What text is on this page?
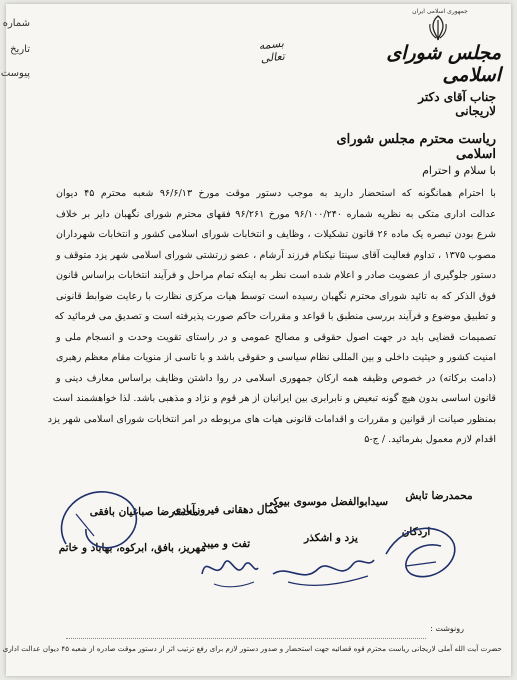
شماره
تاریخ
پیوست
جمهوری اسلامی ایران
مجلس شورای اسلامی
بسمه تعالی
جناب آقای دکتر لاریجانی
ریاست محترم مجلس شورای اسلامی
با سلام و احترام
با احترام همانگونه که استحضار دارید به موجب دستور موقت مورخ ۹۶/۶/۱۳ شعبه محترم ۴۵ دیوان
عدالت اداری متکی به نظریه شماره ۹۶/۱۰۰/۲۴۰ مورخ ۹۶/۲۶۱ فقهای محترم شورای نگهبان دایر بر خلاف
شرع بودن تبصره یک ماده ۲۶ قانون تشکیلات ، وظایف و انتخابات شورای اسلامی کشور و انتخابات شهرداران
مصوب ۱۳۷۵ ، تداوم فعالیت آقای سپنتا نیکنام فرزند آرشام ، عضو زرتشتی شورای اسلامی شهر یزد متوقف و
دستور جلوگیری از عضویت صادر و اعلام شده است نظر به اینکه تمام مراحل و فرآیند انتخابات براساس قانون
فوق الذکر که به تائید شورای محترم نگهبان رسیده است توسط هیات مرکزی نظارت با رعایت ضوابط قانونی
و تطبیق موضوع و فرآیند بررسی منطبق با قواعد و مقررات حاکم صورت پذیرفته است و تصدیق می فرمائید که
تصمیمات قضایی باید در جهت اصول حقوقی و مصالح عمومی و در راستای تقویت وحدت و انسجام ملی و
امنیت کشور و حیثیت داخلی و بین المللی نظام سیاسی و حقوقی باشد و با تاسی از منویات مقام معظم رهبری
(دامت برکاته) در خصوص وظیفه همه ارکان جمهوری اسلامی در روا داشتن وظایف براساس معارف دینی و
قانون اساسی بدون هیچ گونه تبعیض و نابرابری بین ایرانیان از هر قوم و نژاد و مذهبی باشد. لذا خواهشمند است
بمنظور صیانت از قوانین و مقررات و اقدامات قانونی هیات های مربوطه در امر انتخابات شورای اسلامی شهر یزد
اقدام لازم معمول بفرمائید. / ج-۵
محمدرضا تابش
اردکان
سیدابوالفضل موسوی بیوکی
یزد و اشکذر
کمال دهقانی فیروزآبادی
تفت و میبد
محمدرضا صباغیان بافقی
مهریز، بافق، ابرکوه، بهاباد و خاتم
رونوشت :
حضرت آیت الله آملی لاریجانی ریاست محترم قوه قضائیه جهت استحضار و صدور دستور لازم برای رفع ترتیب اثر از دستور موقت صادره از شعبه ۴۵ دیوان عدالت اداری
